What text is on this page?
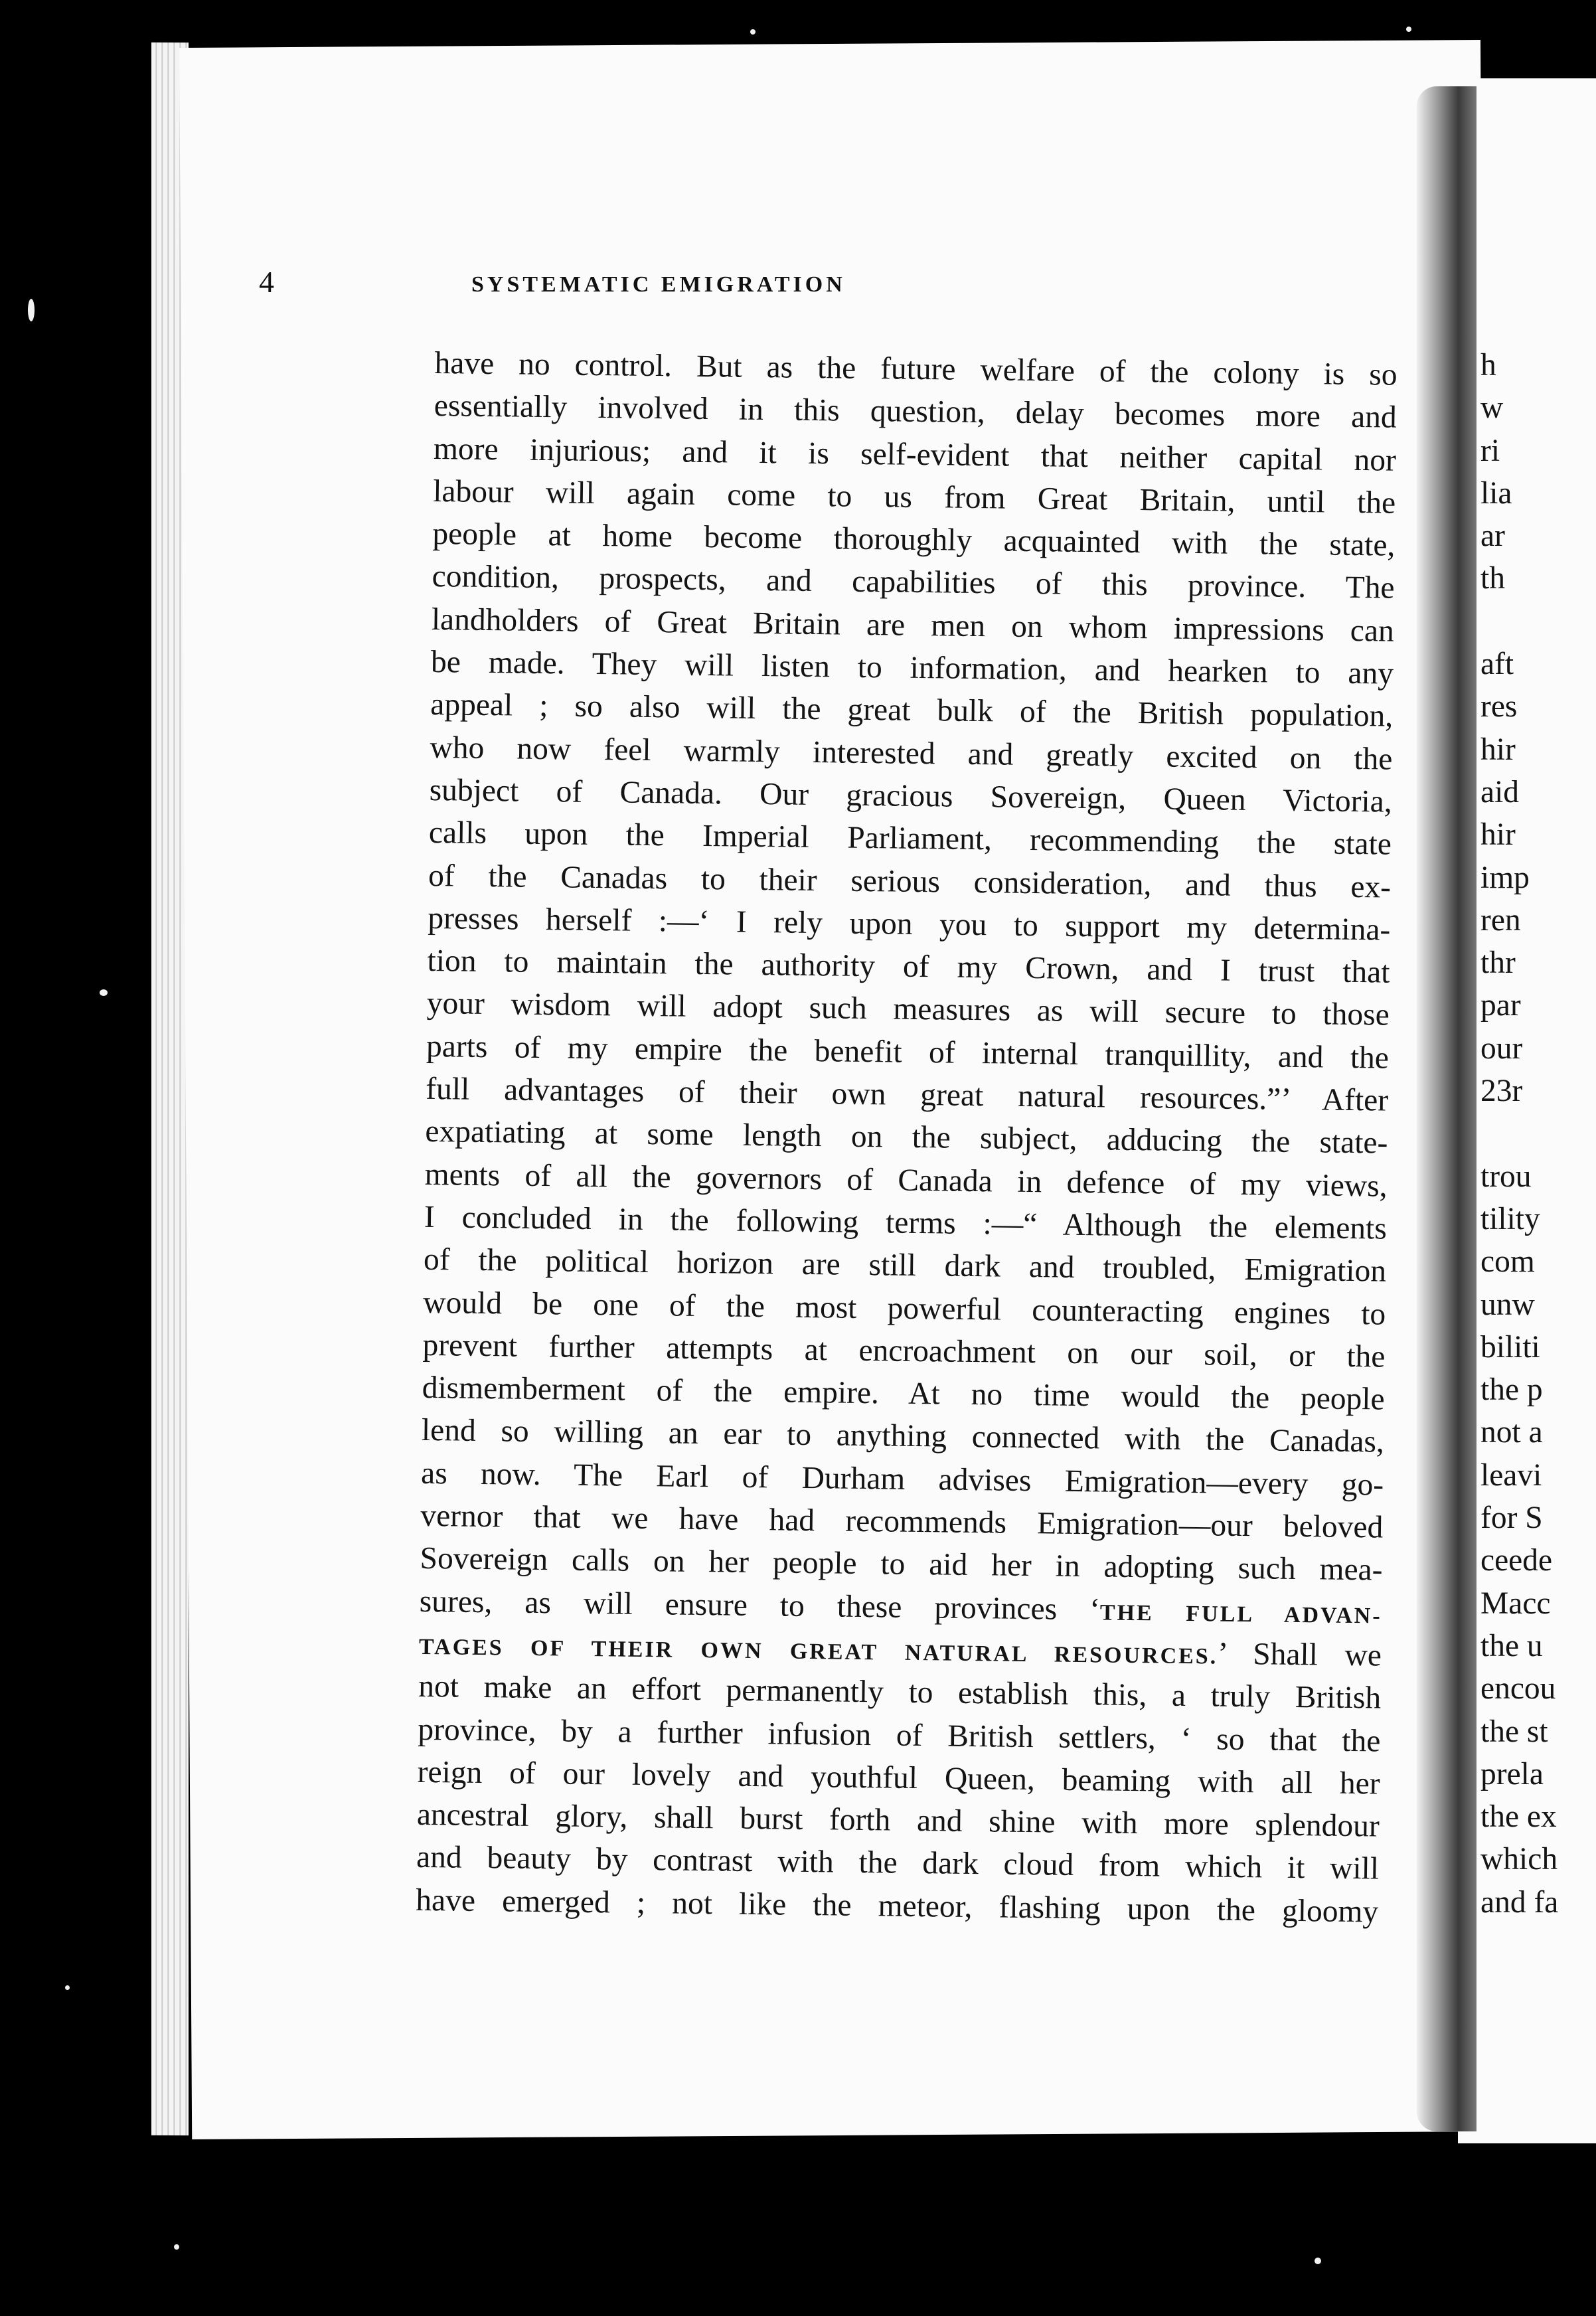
4	SYSTEMATIC EMIGRATION
have no control. But as the future welfare of the colony is so
essentially involved in this question, delay becomes more and
more injurious; and it is self-evident that neither capital nor
labour will again come to us from Great Britain, until the
people at home become thoroughly acquainted with the state,
condition, prospects, and capabilities of this province. The
landholders of Great Britain are men on whom impressions can
be made. They will listen to information, and hearken to any
appeal ; so also will the great bulk of the British population,
who now feel warmly interested and greatly excited on the
subject of Canada. Our gracious Sovereign, Queen Victoria,
calls upon the Imperial Parliament, recommending the state
of the Canadas to their serious consideration, and thus ex-
presses herself :—‘ I rely upon you to support my determina-
tion to maintain the authority of my Crown, and I trust that
your wisdom will adopt such measures as will secure to those
parts of my empire the benefit of internal tranquillity, and the
full advantages of their own great natural resources.”’ After
expatiating at some length on the subject, adducing the state-
ments of all the governors of Canada in defence of my views,
I concluded in the following terms :—“ Although the elements
of the political horizon are still dark and troubled, Emigration
would be one of the most powerful counteracting engines to
prevent further attempts at encroachment on our soil, or the
dismemberment of the empire. At no time would the people
lend so willing an ear to anything connected with the Canadas,
as now. The Earl of Durham advises Emigration—every go-
vernor that we have had recommends Emigration—our beloved
Sovereign calls on her people to aid her in adopting such mea-
sures, as will ensure to these provinces ‘THE FULL ADVAN-
TAGES OF THEIR OWN GREAT NATURAL RESOURCES.’ Shall we
not make an effort permanently to establish this, a truly British
province, by a further infusion of British settlers, ‘ so that the
reign of our lovely and youthful Queen, beaming with all her
ancestral glory, shall burst forth and shine with more splendour
and beauty by contrast with the dark cloud from which it will
have emerged ; not like the meteor, flashing upon the gloomy
h
w
ri
lia
ar
th
aft
res
hir
aid
hir
imp
ren
thr
par
our
23r
trou
tility
com
unw
biliti
the p
not a
leavi
for S
ceede
Macc
the u
encou
the st
prela
the ex
which
and fa
